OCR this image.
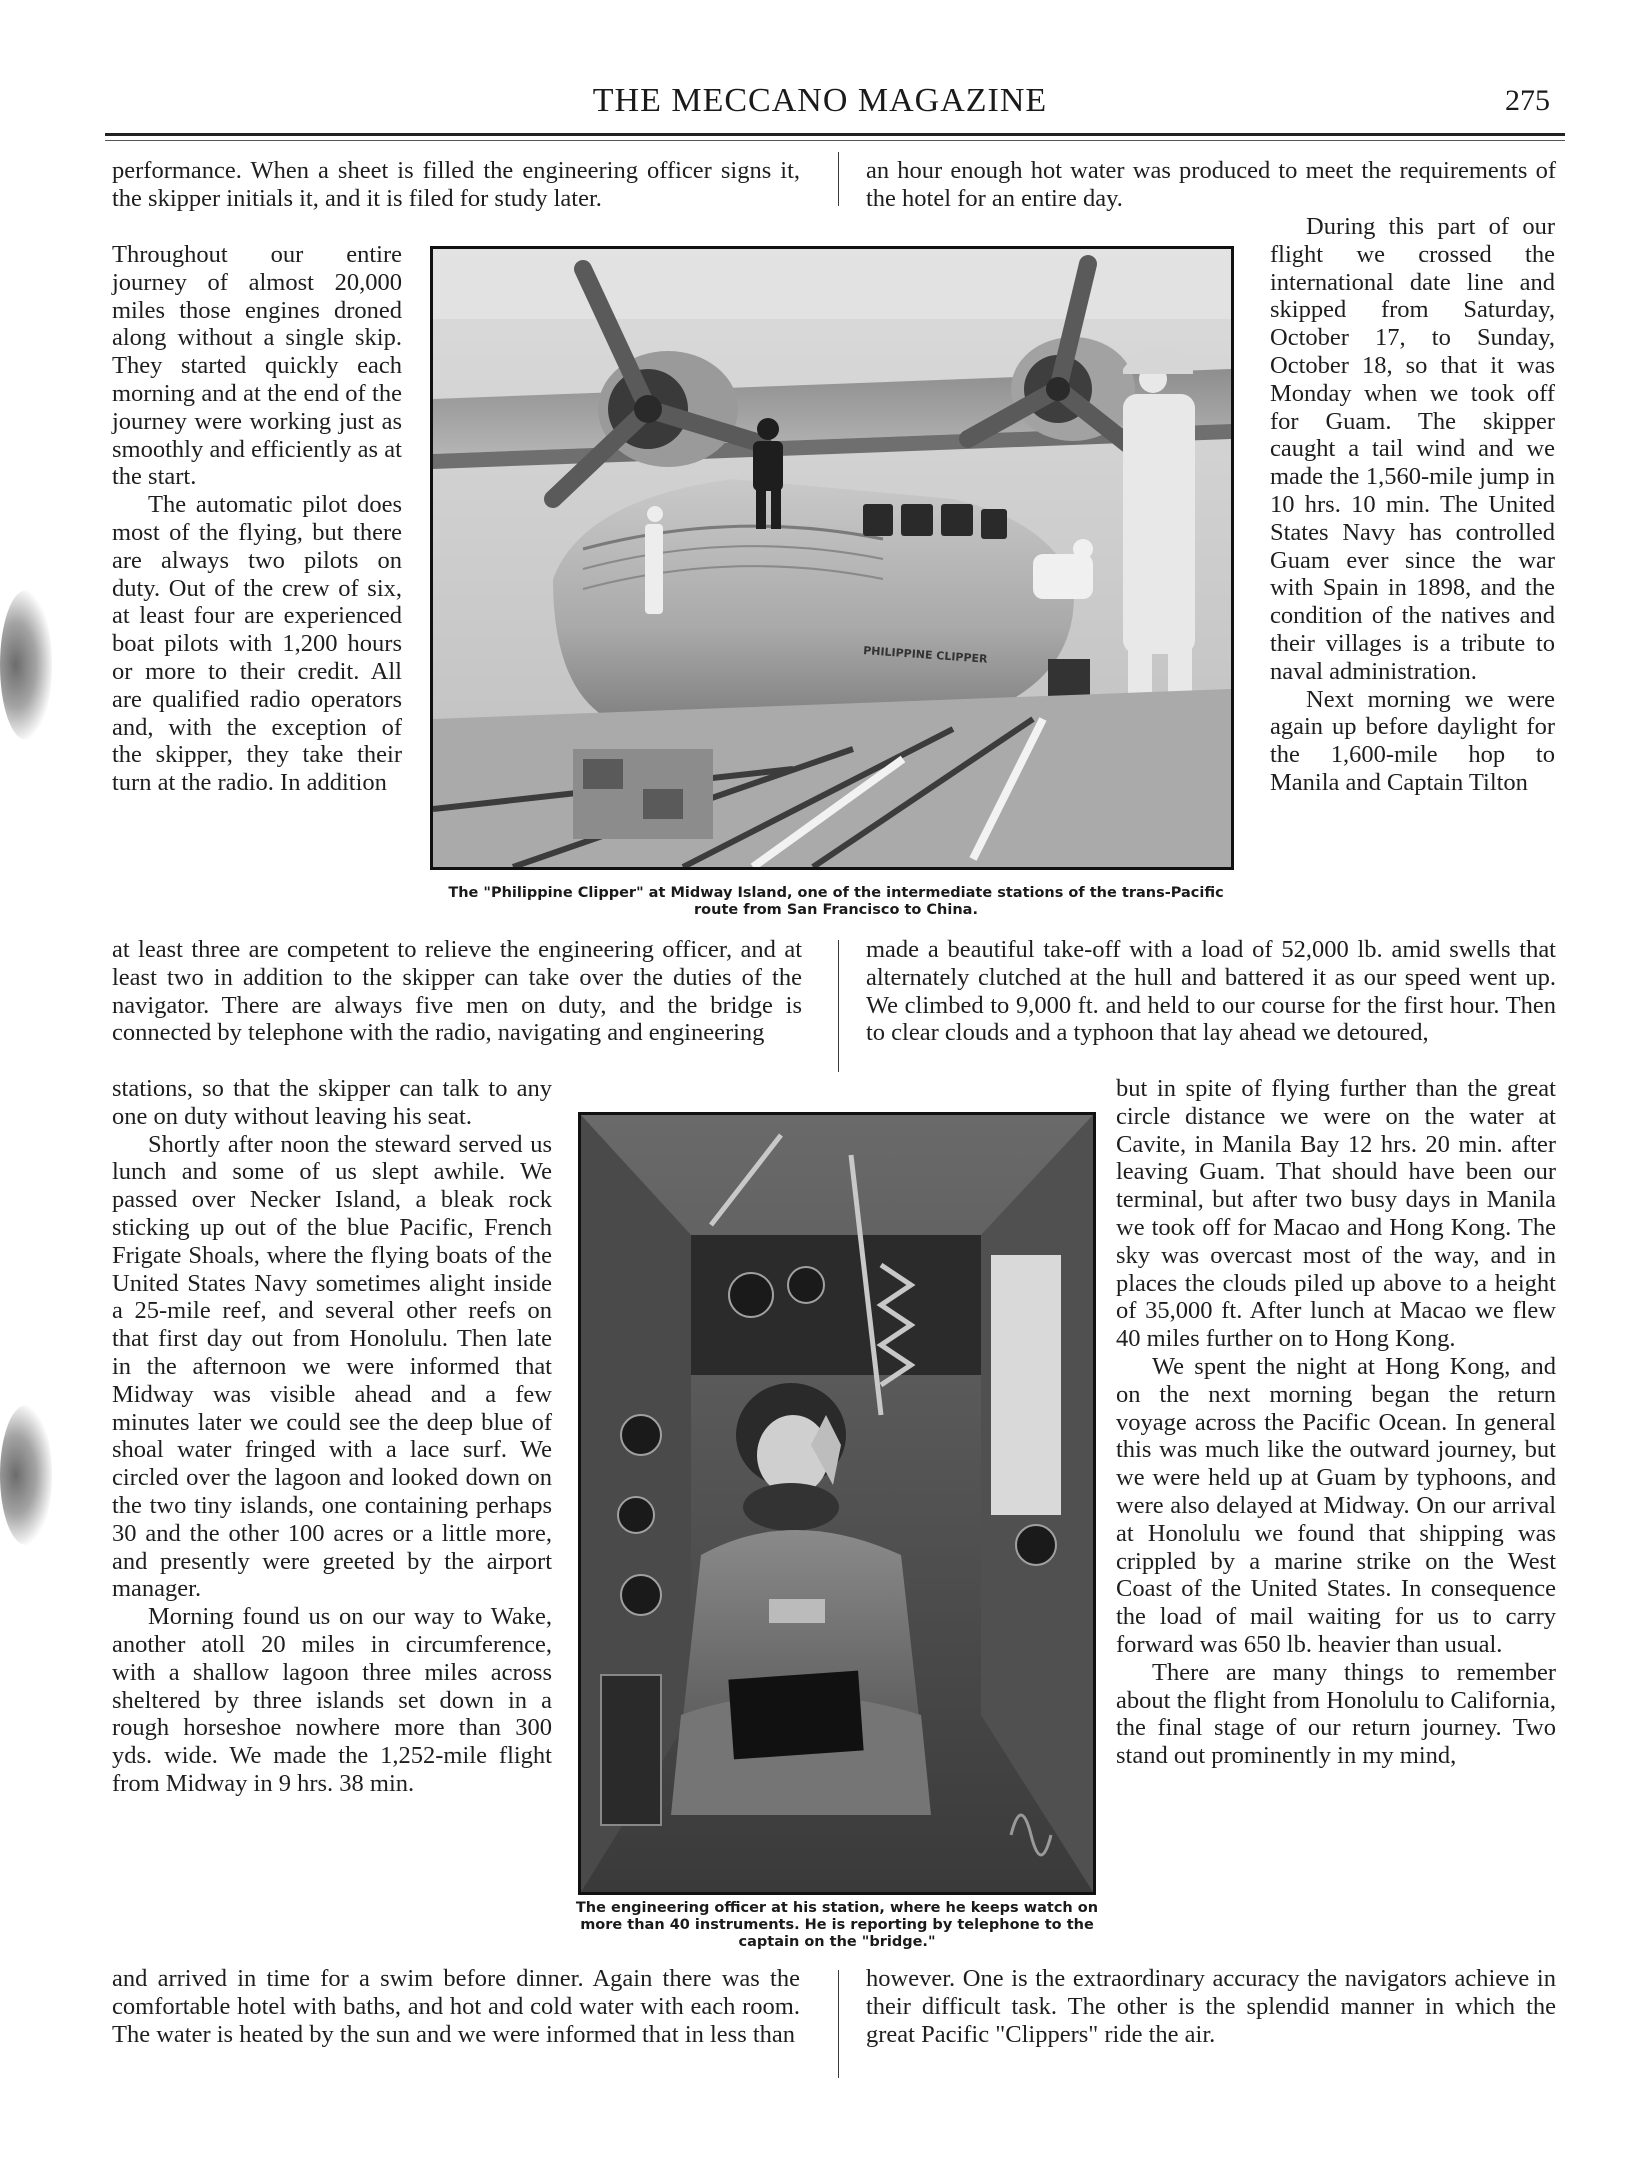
THE MECCANO MAGAZINE	275

performance. When a sheet is filled the engineering officer signs it, the skipper initials it, and it is filed for study later.

Throughout our entire journey of almost 20,000 miles those engines droned along without a single skip. They started quickly each morning and at the end of the journey were working just as smoothly and efficiently as at the start.

The automatic pilot does most of the flying, but there are always two pilots on duty. Out of the crew of six, at least four are experienced boat pilots with 1,200 hours or more to their credit. All are qualified radio operators and, with the exception of the skipper, they take their turn at the radio. In addition

at least three are competent to relieve the engineering officer, and at least two in addition to the skipper can take over the duties of the navigator. There are always five men on duty, and the bridge is connected by telephone with the radio, navigating and engineering

stations, so that the skipper can talk to any one on duty without leaving his seat.

Shortly after noon the steward served us lunch and some of us slept awhile. We passed over Necker Island, a bleak rock sticking up out of the blue Pacific, French Frigate Shoals, where the flying boats of the United States Navy sometimes alight inside a 25-mile reef, and several other reefs on that first day out from Honolulu. Then late in the afternoon we were informed that Midway was visible ahead and a few minutes later we could see the deep blue of shoal water fringed with a lace surf. We circled over the lagoon and looked down on the two tiny islands, one containing perhaps 30 and the other 100 acres or a little more, and presently were greeted by the airport manager.

Morning found us on our way to Wake, another atoll 20 miles in circumference, with a shallow lagoon three miles across sheltered by three islands set down in a rough horseshoe nowhere more than 300 yds. wide. We made the 1,252-mile flight from Midway in 9 hrs. 38 min.

and arrived in time for a swim before dinner. Again there was the comfortable hotel with baths, and hot and cold water with each room. The water is heated by the sun and we were informed that in less than

an hour enough hot water was produced to meet the requirements of the hotel for an entire day.

During this part of our flight we crossed the international date line and skipped from Saturday, October 17, to Sunday, October 18, so that it was Monday when we took off for Guam. The skipper caught a tail wind and we made the 1,560-mile jump in 10 hrs. 10 min. The United States Navy has controlled Guam ever since the war with Spain in 1898, and the condition of the natives and their villages is a tribute to naval administration.

Next morning we were again up before daylight for the 1,600-mile hop to Manila and Captain Tilton

made a beautiful take-off with a load of 52,000 lb. amid swells that alternately clutched at the hull and battered it as our speed went up. We climbed to 9,000 ft. and held to our course for the first hour. Then to clear clouds and a typhoon that lay ahead we detoured,

but in spite of flying further than the great circle distance we were on the water at Cavite, in Manila Bay 12 hrs. 20 min. after leaving Guam. That should have been our terminal, but after two busy days in Manila we took off for Macao and Hong Kong. The sky was overcast most of the way, and in places the clouds piled up above to a height of 35,000 ft. After lunch at Macao we flew 40 miles further on to Hong Kong.

We spent the night at Hong Kong, and on the next morning began the return voyage across the Pacific Ocean. In general this was much like the outward journey, but we were held up at Guam by typhoons, and were also delayed at Midway. On our arrival at Honolulu we found that shipping was crippled by a marine strike on the West Coast of the United States. In consequence the load of mail waiting for us to carry forward was 650 lb. heavier than usual.

There are many things to remember about the flight from Honolulu to California, the final stage of our return journey. Two stand out prominently in my mind,

however. One is the extraordinary accuracy the navigators achieve in their difficult task. The other is the splendid manner in which the great Pacific "Clippers" ride the air.

PHILIPPINE CLIPPER
The "Philippine Clipper" at Midway Island, one of the intermediate stations of the trans-Pacific route from San Francisco to China.
The engineering officer at his station, where he keeps watch on more than 40 instruments. He is reporting by telephone to the captain on the "bridge."
